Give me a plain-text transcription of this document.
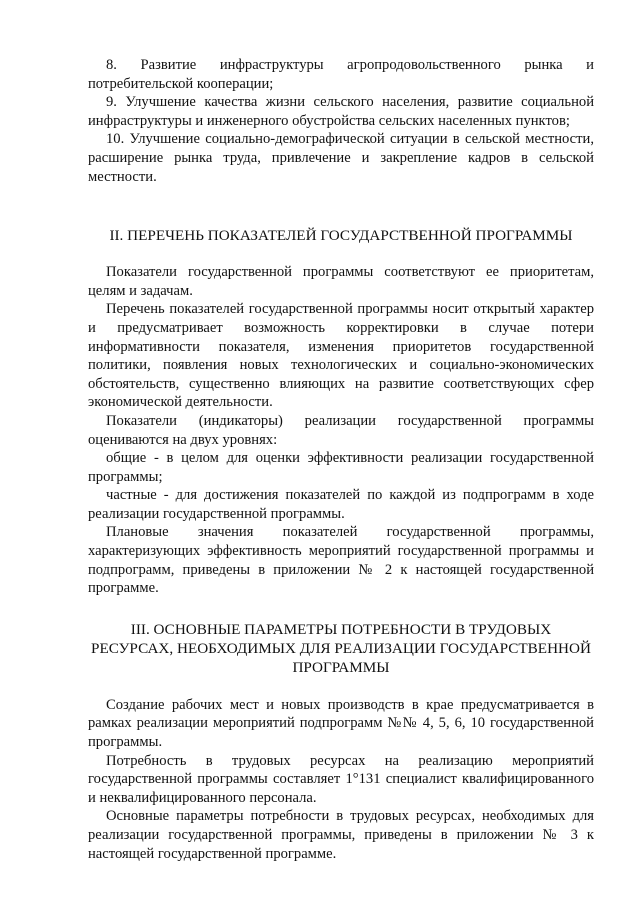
8. Развитие инфраструктуры агропродовольственного рынка и потребительской кооперации;

9. Улучшение качества жизни сельского населения, развитие социальной инфраструктуры и инженерного обустройства сельских населенных пунктов;

10. Улучшение социально-демографической ситуации в сельской местности, расширение рынка труда, привлечение и закрепление кадров в сельской местности.

II. ПЕРЕЧЕНЬ ПОКАЗАТЕЛЕЙ ГОСУДАРСТВЕННОЙ ПРОГРАММЫ

Показатели государственной программы соответствуют ее приоритетам, целям и задачам.

Перечень показателей государственной программы носит открытый характер и предусматривает возможность корректировки в случае потери информативности показателя, изменения приоритетов государственной политики, появления новых технологических и социально-экономических обстоятельств, существенно влияющих на развитие соответствующих сфер экономической деятельности.

Показатели (индикаторы) реализации государственной программы оцениваются на двух уровнях:

общие - в целом для оценки эффективности реализации государственной программы;

частные - для достижения показателей по каждой из подпрограмм в ходе реализации государственной программы.

Плановые значения показателей государственной программы, характеризующих эффективность мероприятий государственной программы и подпрограмм, приведены в приложении № 2 к настоящей государственной программе.

III. ОСНОВНЫЕ ПАРАМЕТРЫ ПОТРЕБНОСТИ В ТРУДОВЫХ РЕСУРСАХ, НЕОБХОДИМЫХ ДЛЯ РЕАЛИЗАЦИИ ГОСУДАРСТВЕННОЙ ПРОГРАММЫ

Создание рабочих мест и новых производств в крае предусматривается в рамках реализации мероприятий подпрограмм №№ 4, 5, 6, 10 государственной программы.

Потребность в трудовых ресурсах на реализацию мероприятий государственной программы составляет 1°131 специалист квалифицированного и неквалифицированного персонала.

Основные параметры потребности в трудовых ресурсах, необходимых для реализации государственной программы, приведены в приложении № 3 к настоящей государственной программе.
